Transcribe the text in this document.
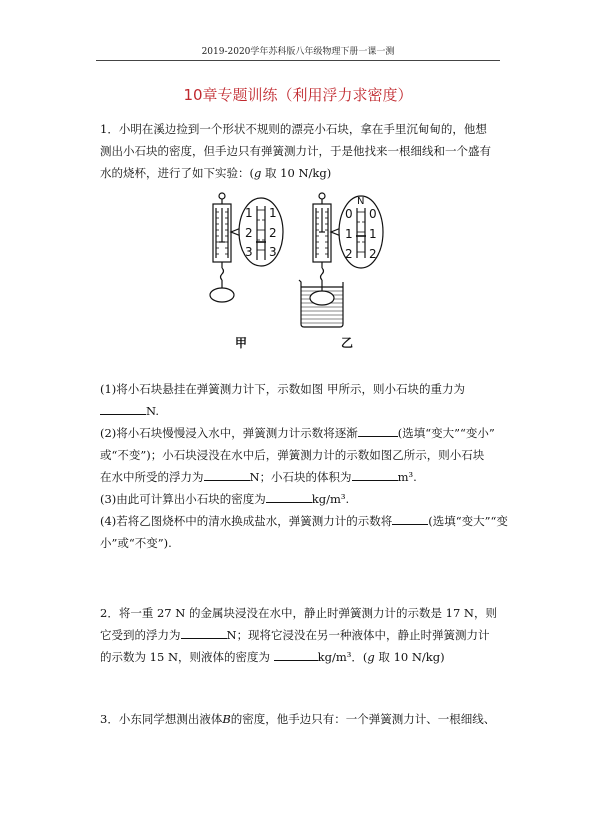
2019-2020学年苏科版八年级物理下册一课一测
10章专题训练（利用浮力求密度）
1．小明在溪边捡到一个形状不规则的漂亮小石块，拿在手里沉甸甸的，他想
测出小石块的密度，但手边只有弹簧测力计，于是他找来一根细线和一个盛有
水的烧杯，进行了如下实验：(g 取 10 N/kg)
1 1
2 2
3 3
N
0 0
1 1
2 2
甲	乙
(1)将小石块悬挂在弹簧测力计下，示数如图 甲所示，则小石块的重力为
N.
(2)将小石块慢慢浸入水中，弹簧测力计示数将逐渐	(选填“变大”“变小”
或“不变”)；小石块浸没在水中后，弹簧测力计的示数如图乙所示，则小石块
在水中所受的浮力为	N；小石块的体积为	m³.
(3)由此可计算出小石块的密度为	kg/m³.
(4)若将乙图烧杯中的清水换成盐水，弹簧测力计的示数将	(选填“变大”“变
小”或“不变”).
2．将一重 27 N 的金属块浸没在水中，静止时弹簧测力计的示数是 17 N，则
它受到的浮力为	N；现将它浸没在另一种液体中，静止时弹簧测力计
的示数为 15 N，则液体的密度为	kg/m³．(g 取 10 N/kg)
3．小东同学想测出液体B的密度，他手边只有：一个弹簧测力计、一根细线、
